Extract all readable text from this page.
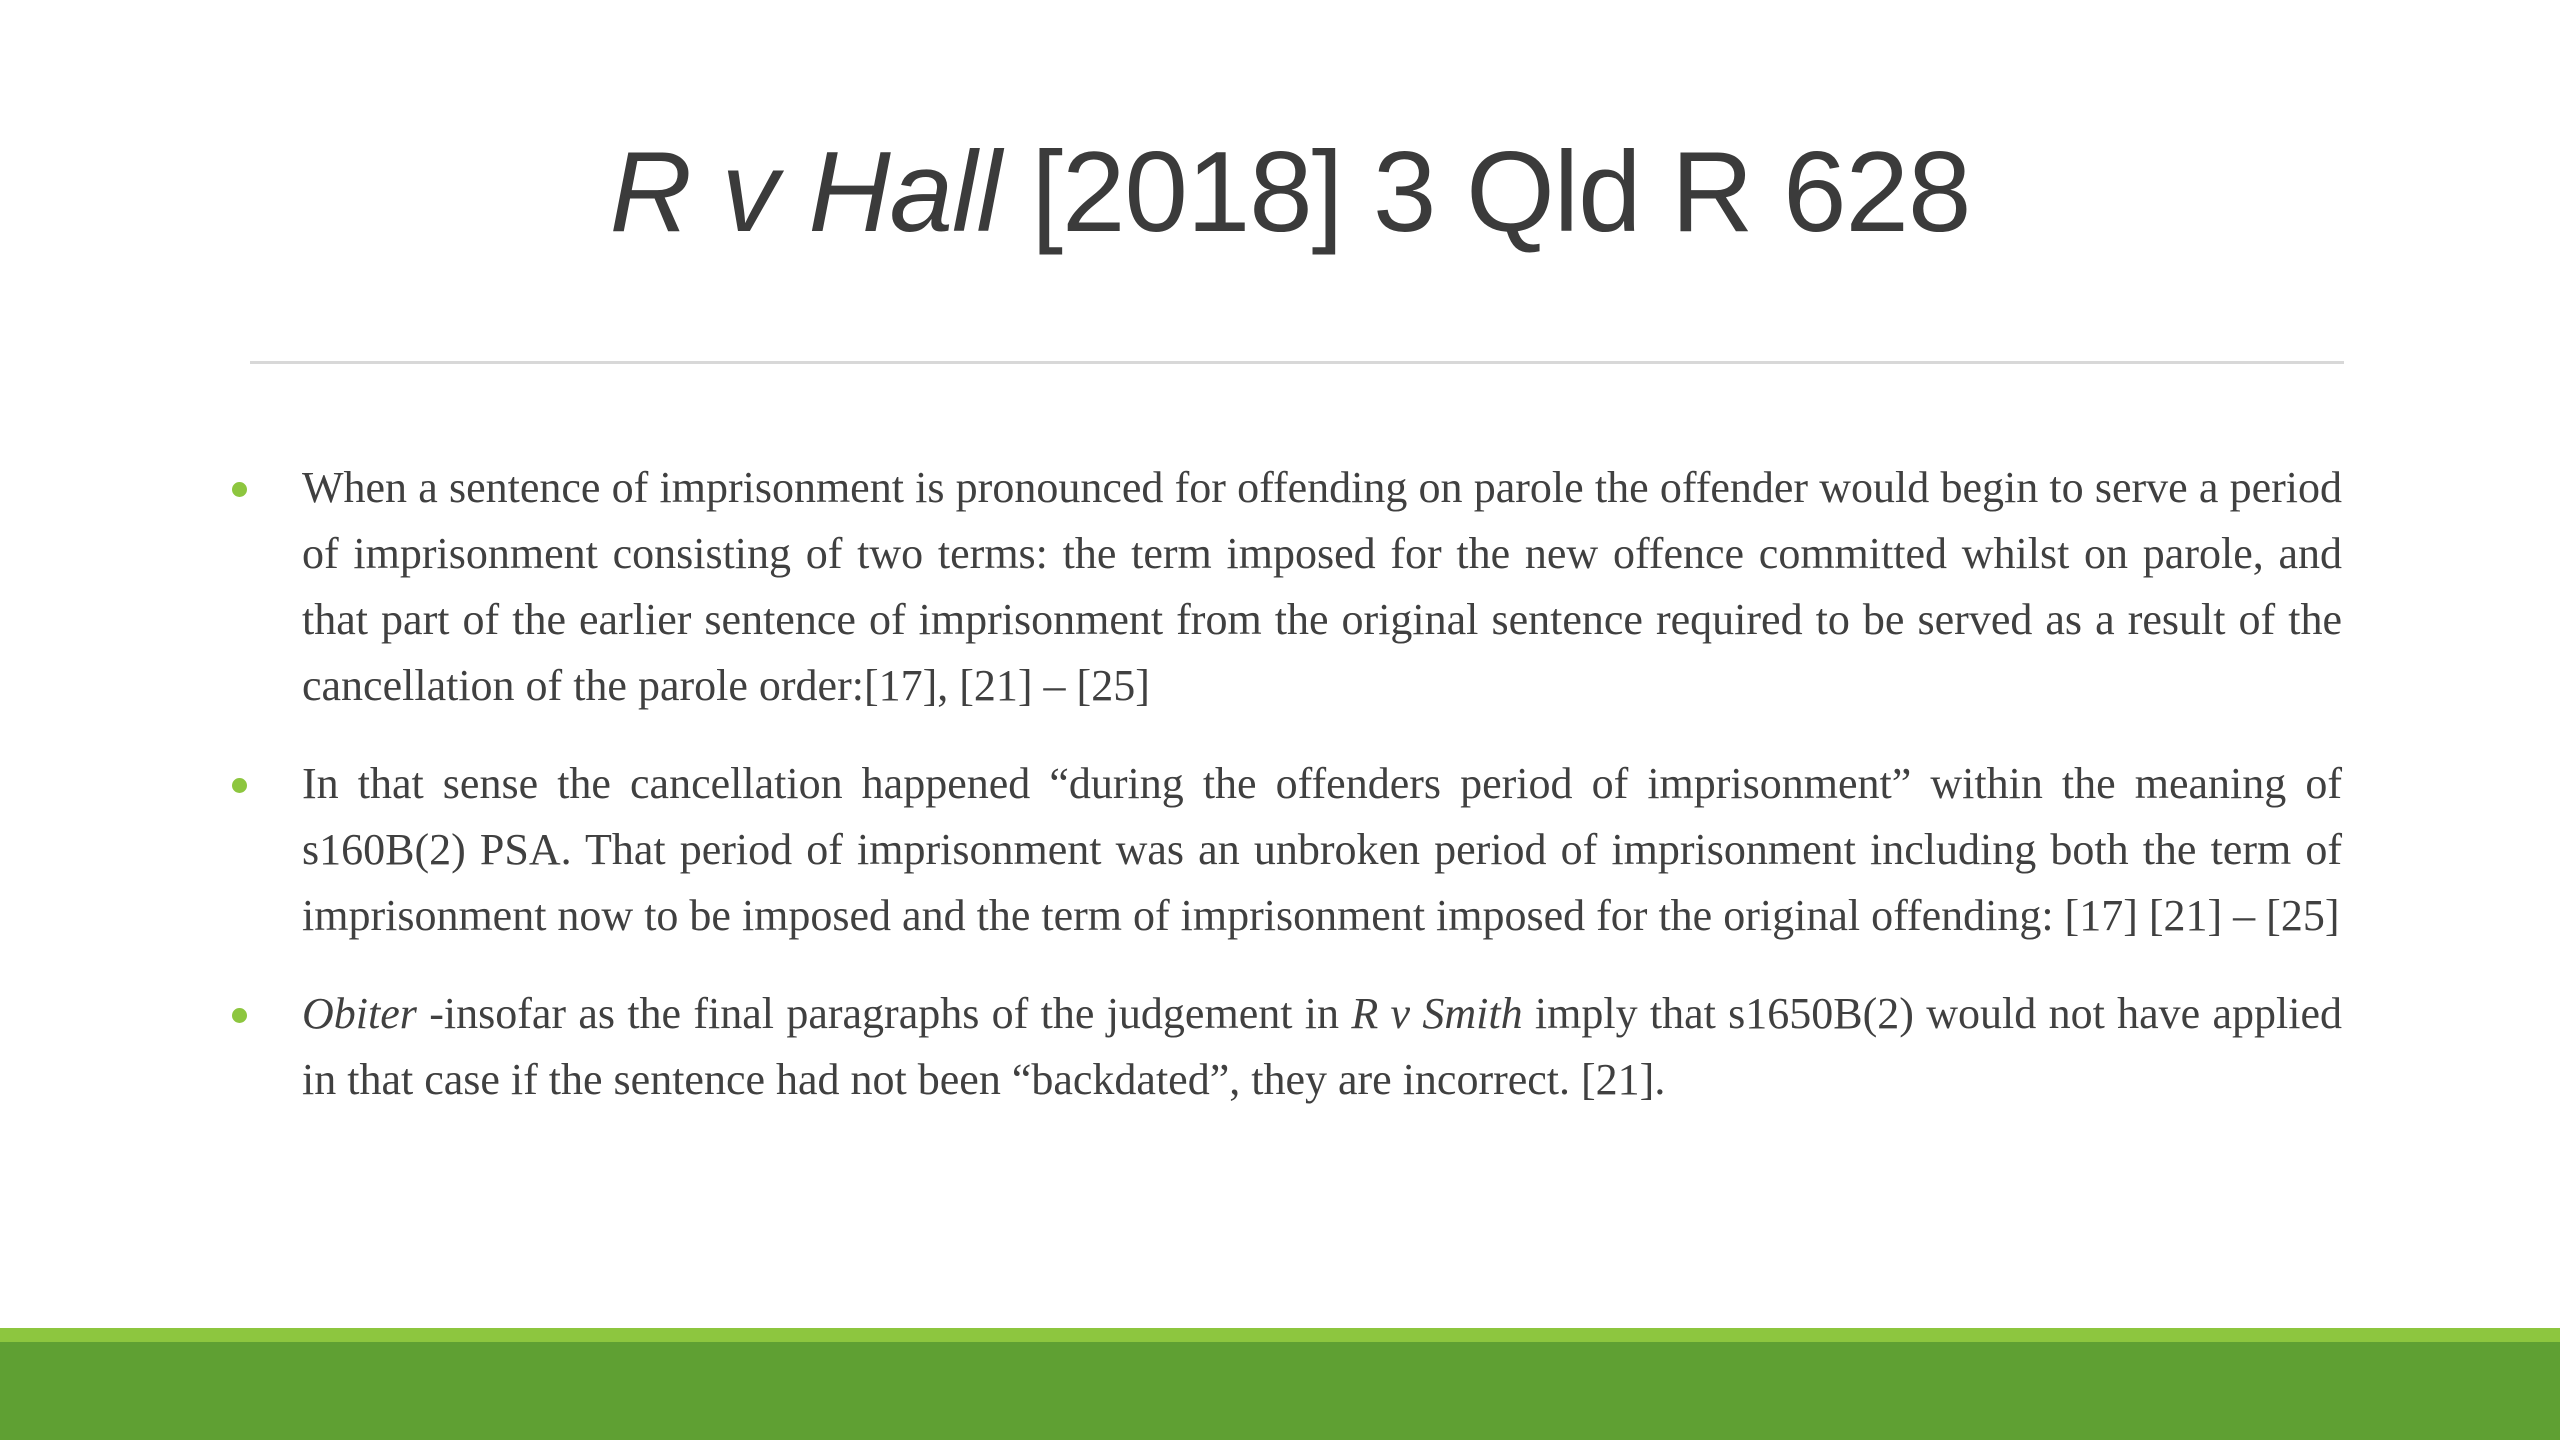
R v Hall [2018] 3 Qld R 628
When a sentence of imprisonment is pronounced for offending on parole the offender would begin to serve a period of imprisonment consisting of two terms: the term imposed for the new offence committed whilst on parole, and that part of the earlier sentence of imprisonment from the original sentence required to be served as a result of the cancellation of the parole order:[17], [21] – [25]
In that sense the cancellation happened “during the offenders period of imprisonment” within the meaning of s160B(2) PSA. That period of imprisonment was an unbroken period of imprisonment including both the term of imprisonment now to be imposed and the term of imprisonment imposed for the original offending: [17] [21] – [25]
Obiter -insofar as the final paragraphs of the judgement in R v Smith imply that s1650B(2) would not have applied in that case if the sentence had not been “backdated”, they are incorrect. [21].
